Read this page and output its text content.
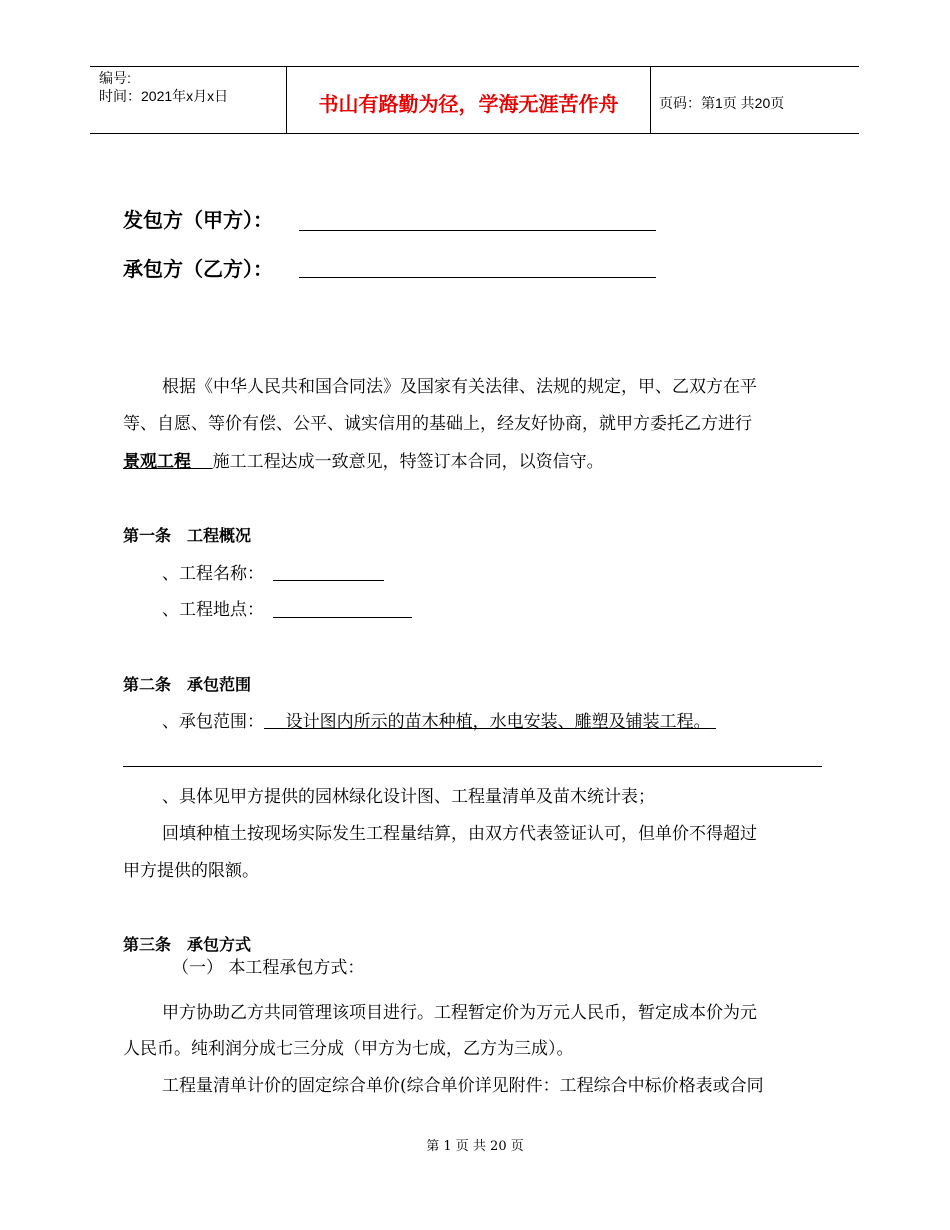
编号:
时间：2021年x月x日	书山有路勤为径，学海无涯苦作舟	页码：第1页 共20页
发包方（甲方）：
承包方（乙方）：
根据《中华人民共和国合同法》及国家有关法律、法规的规定，甲、乙双方在平
等、自愿、等价有偿、公平、诚实信用的基础上，经友好协商，就甲方委托乙方进行
景观工程 施工工程达成一致意见，特签订本合同，以资信守。
第一条　工程概况
、工程名称：
、工程地点：
第二条　承包范围
、承包范围： 设计图内所示的苗木种植，水电安装、雕塑及铺装工程。
、具体见甲方提供的园林绿化设计图、工程量清单及苗木统计表；
回填种植土按现场实际发生工程量结算，由双方代表签证认可，但单价不得超过
甲方提供的限额。
第三条　承包方式
（一） 本工程承包方式：
甲方协助乙方共同管理该项目进行。工程暂定价为万元人民币，暂定成本价为元
人民币。纯利润分成七三分成（甲方为七成，乙方为三成）。
工程量清单计价的固定综合单价(综合单价详见附件：工程综合中标价格表或合同
第 1 页 共 20 页
